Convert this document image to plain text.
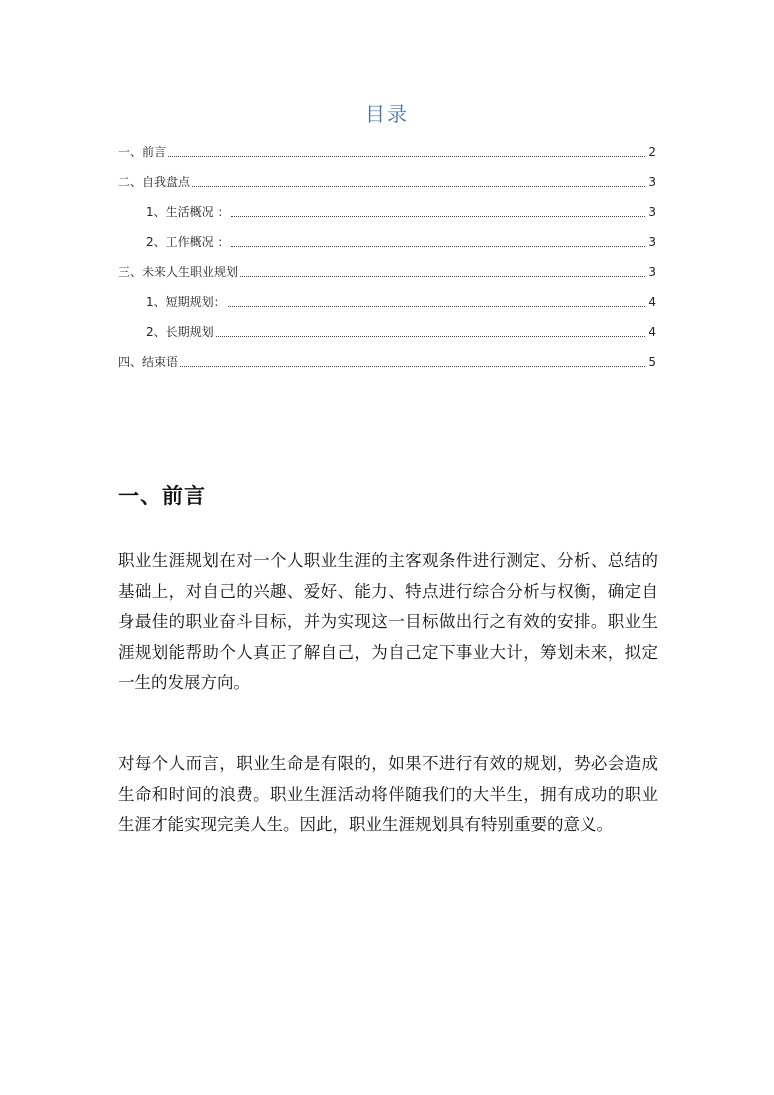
目录
一、前言	2
二、自我盘点	3
1、生活概况 ：	3
2、工作概况 ：	3
三、未来人生职业规划	3
1、短期规划：	4
2、长期规划	4
四、结束语	5
一、前言

职业生涯规划在对一个人职业生涯的主客观条件进行测定、分析、总结的基础上，对自己的兴趣、爱好、能力、特点进行综合分析与权衡，确定自身最佳的职业奋斗目标，并为实现这一目标做出行之有效的安排。职业生涯规划能帮助个人真正了解自己，为自己定下事业大计，筹划未来，拟定一生的发展方向。

对每个人而言，职业生命是有限的，如果不进行有效的规划，势必会造成生命和时间的浪费。职业生涯活动将伴随我们的大半生，拥有成功的职业生涯才能实现完美人生。因此，职业生涯规划具有特别重要的意义。
